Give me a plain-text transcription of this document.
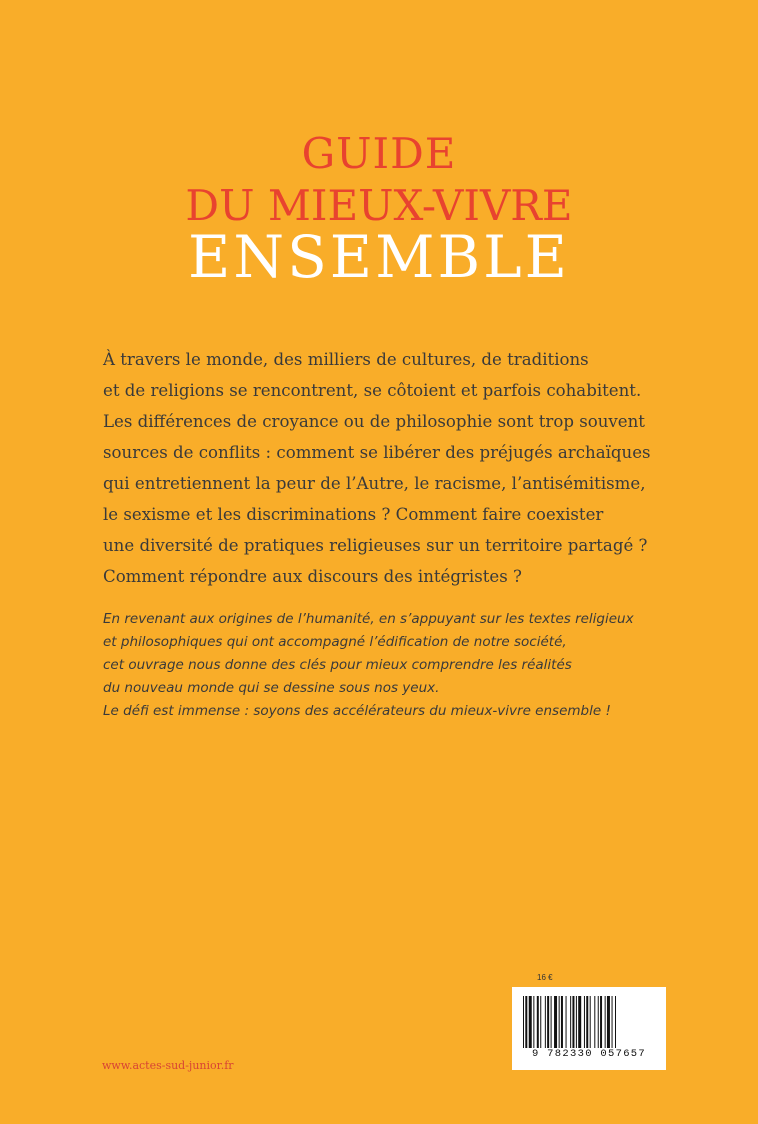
GUIDE
DU MIEUX-VIVRE
ENSEMBLE

À travers le monde, des milliers de cultures, de traditions
et de religions se rencontrent, se côtoient et parfois cohabitent.
Les différences de croyance ou de philosophie sont trop souvent
sources de conflits : comment se libérer des préjugés archaïques
qui entretiennent la peur de l’Autre, le racisme, l’antisémitisme,
le sexisme et les discriminations ? Comment faire coexister
une diversité de pratiques religieuses sur un territoire partagé ?
Comment répondre aux discours des intégristes ?

En revenant aux origines de l’humanité, en s’appuyant sur les textes religieux
et philosophiques qui ont accompagné l’édification de notre société,
cet ouvrage nous donne des clés pour mieux comprendre les réalités
du nouveau monde qui se dessine sous nos yeux.
Le défi est immense : soyons des accélérateurs du mieux-vivre ensemble !

16 €
9 782330 057657
www.actes-sud-junior.fr
